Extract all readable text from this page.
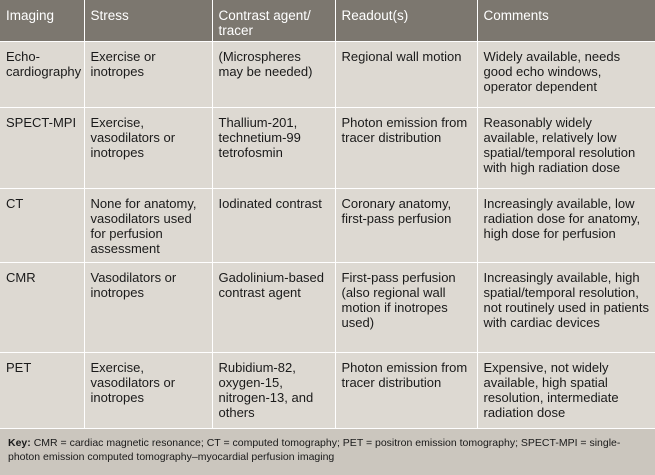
Imaging	Stress	Contrast agent/ tracer	Readout(s)	Comments
Echo-cardiography	Exercise or inotropes	(Microspheres may be needed)	Regional wall motion	Widely available, needs good echo windows, operator dependent
SPECT-MPI	Exercise, vasodilators or inotropes	Thallium-201, technetium-99 tetrofosmin	Photon emission from tracer distribution	Reasonably widely available, relatively low spatial/temporal resolution with high radiation dose
CT	None for anatomy, vasodilators used for perfusion assessment	Iodinated contrast	Coronary anatomy, first-pass perfusion	Increasingly available, low radiation dose for anatomy, high dose for perfusion
CMR	Vasodilators or inotropes	Gadolinium-based contrast agent	First-pass perfusion (also regional wall motion if inotropes used)	Increasingly available, high spatial/temporal resolution, not routinely used in patients with cardiac devices
PET	Exercise, vasodilators or inotropes	Rubidium-82, oxygen-15, nitrogen-13, and others	Photon emission from tracer distribution	Expensive, not widely available, high spatial resolution, intermediate radiation dose
Key: CMR = cardiac magnetic resonance; CT = computed tomography; PET = positron emission tomography; SPECT-MPI = single-photon emission computed tomography–myocardial perfusion imaging
